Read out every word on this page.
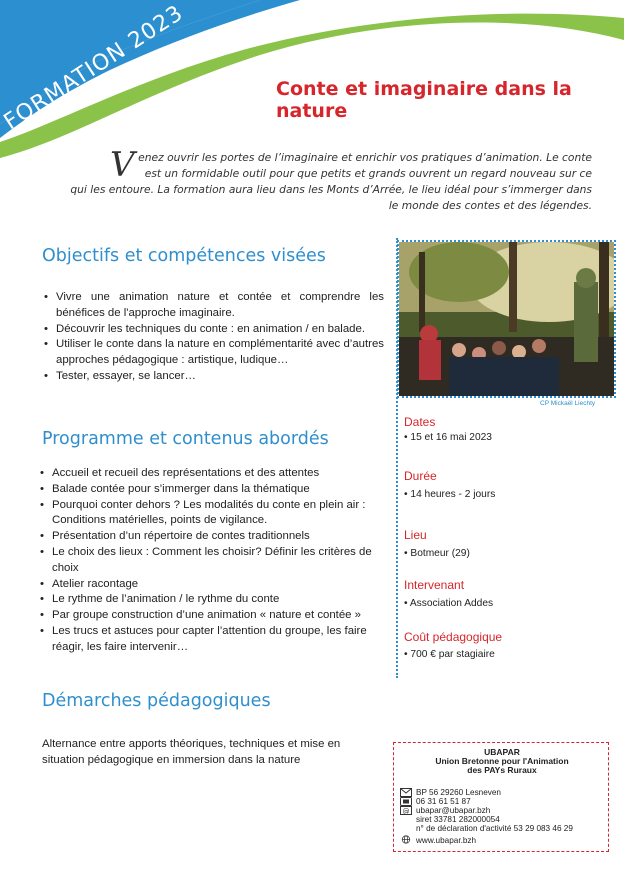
FORMATION 2023	Conte et imaginaire dans la nature

V enez ouvrir les portes de l’imaginaire et enrichir vos pratiques d’animation. Le conte est un formidable outil pour que petits et grands ouvrent un regard nouveau sur ce qui les entoure. La formation aura lieu dans les Monts d’Arrée, le lieu idéal pour s’immerger dans le monde des contes et des légendes.

Objectifs et compétences visées
• Vivre une animation nature et contée et comprendre les bénéfices de l'approche imaginaire.
• Découvrir les techniques du conte : en animation / en balade.
• Utiliser le conte dans la nature en complémentarité avec d’autres approches pédagogique : artistique, ludique…
• Tester, essayer, se lancer…
Programme et contenus abordés
• Accueil et recueil des représentations et des attentes
• Balade contée pour s’immerger dans la thématique
• Pourquoi conter dehors ? Les modalités du conte en plein air : Conditions matérielles, points de vigilance.
• Présentation d’un répertoire de contes traditionnels
• Le choix des lieux : Comment les choisir? Définir les critères de choix
• Atelier racontage
• Le rythme de l’animation / le rythme du conte
• Par groupe construction d’une animation « nature et contée »
• Les trucs et astuces pour capter l’attention du groupe, les faire réagir, les faire intervenir…
Démarches pédagogiques

Alternance entre apports théoriques, techniques et mise en situation pédagogique en immersion dans la nature

CP Mickaël Liechty

Dates

• 15 et 16 mai 2023

Durée

• 14 heures - 2 jours

Lieu

• Botmeur (29)

Intervenant

• Association Addes

Coût pédagogique

• 700 € par stagiaire

UBAPAR

Union Bretonne pour l'Animation

des PAYs Ruraux

BP 56 29260 Lesneven

06 31 61 51 87

@ ubapar@ubapar.bzh

siret 33781 282000054

n° de déclaration d'activité 53 29 083 46 29

www.ubapar.bzh
